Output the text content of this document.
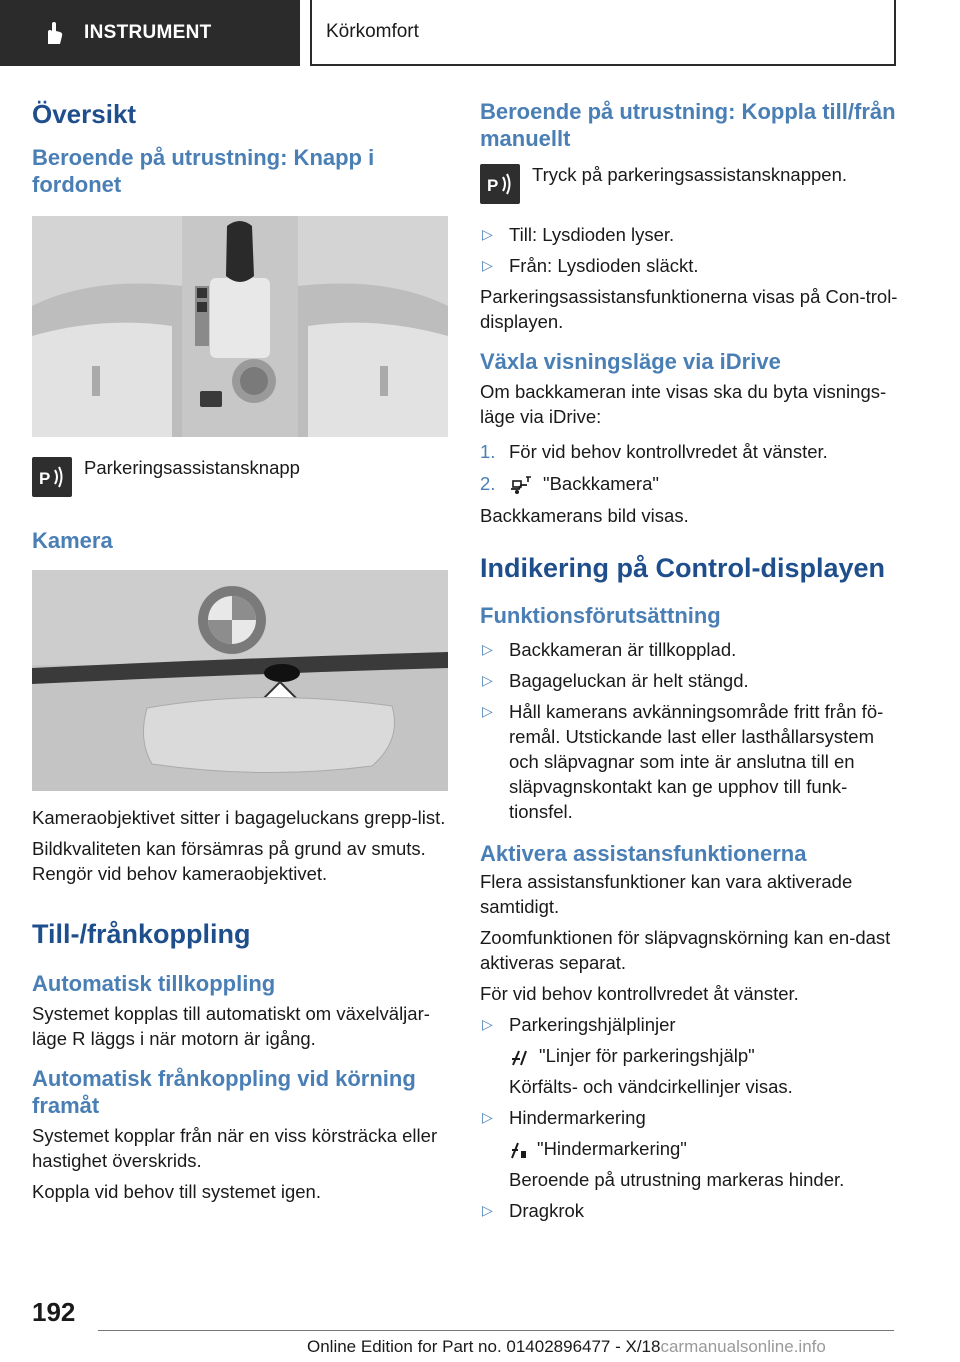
INSTRUMENT	Körkomfort
Översikt
Beroende på utrustning: Knapp i fordonet
P

Parkeringsassistansknapp

Kamera

Kameraobjektivet sitter i bagageluckans grepp-list.

Bildkvaliteten kan försämras på grund av smuts. Rengör vid behov kameraobjektivet.

Till-/frånkoppling
Automatisk tillkoppling

Systemet kopplas till automatiskt om växelväljar-läge R läggs i när motorn är igång.

Automatisk frånkoppling vid körning framåt

Systemet kopplar från när en viss körsträcka eller hastighet överskrids.

Koppla vid behov till systemet igen.

Beroende på utrustning: Koppla till/från manuellt
P

Tryck på parkeringsassistansknappen.

▷ Till: Lysdioden lyser.
▷ Från: Lysdioden släckt.

Parkeringsassistansfunktionerna visas på Con-trol-displayen.

Växla visningsläge via iDrive

Om backkameran inte visas ska du byta visnings-läge via iDrive:

1. För vid behov kontrollvredet åt vänster.
2.	"Backkamera"

Backkamerans bild visas.

Indikering på Control-displayen
Funktionsförutsättning
▷ Backkameran är tillkopplad.
▷ Bagageluckan är helt stängd.
▷ Håll kamerans avkänningsområde fritt från fö-remål. Utstickande last eller lasthållarsystem och släpvagnar som inte är anslutna till en släpvagnskontakt kan ge upphov till funk-tionsfel.
Aktivera assistansfunktionerna

Flera assistansfunktioner kan vara aktiverade samtidigt.

Zoomfunktionen för släpvagnskörning kan en-dast aktiveras separat.

För vid behov kontrollvredet åt vänster.

▷ Parkeringshjälplinjer
"Linjer för parkeringshjälp"
Körfälts- och vändcirkellinjer visas.
▷ Hindermarkering
"Hindermarkering"
Beroende på utrustning markeras hinder.
▷ Dragkrok
192
Online Edition for Part no. 01402896477 - X/18carmanualsonline.info
